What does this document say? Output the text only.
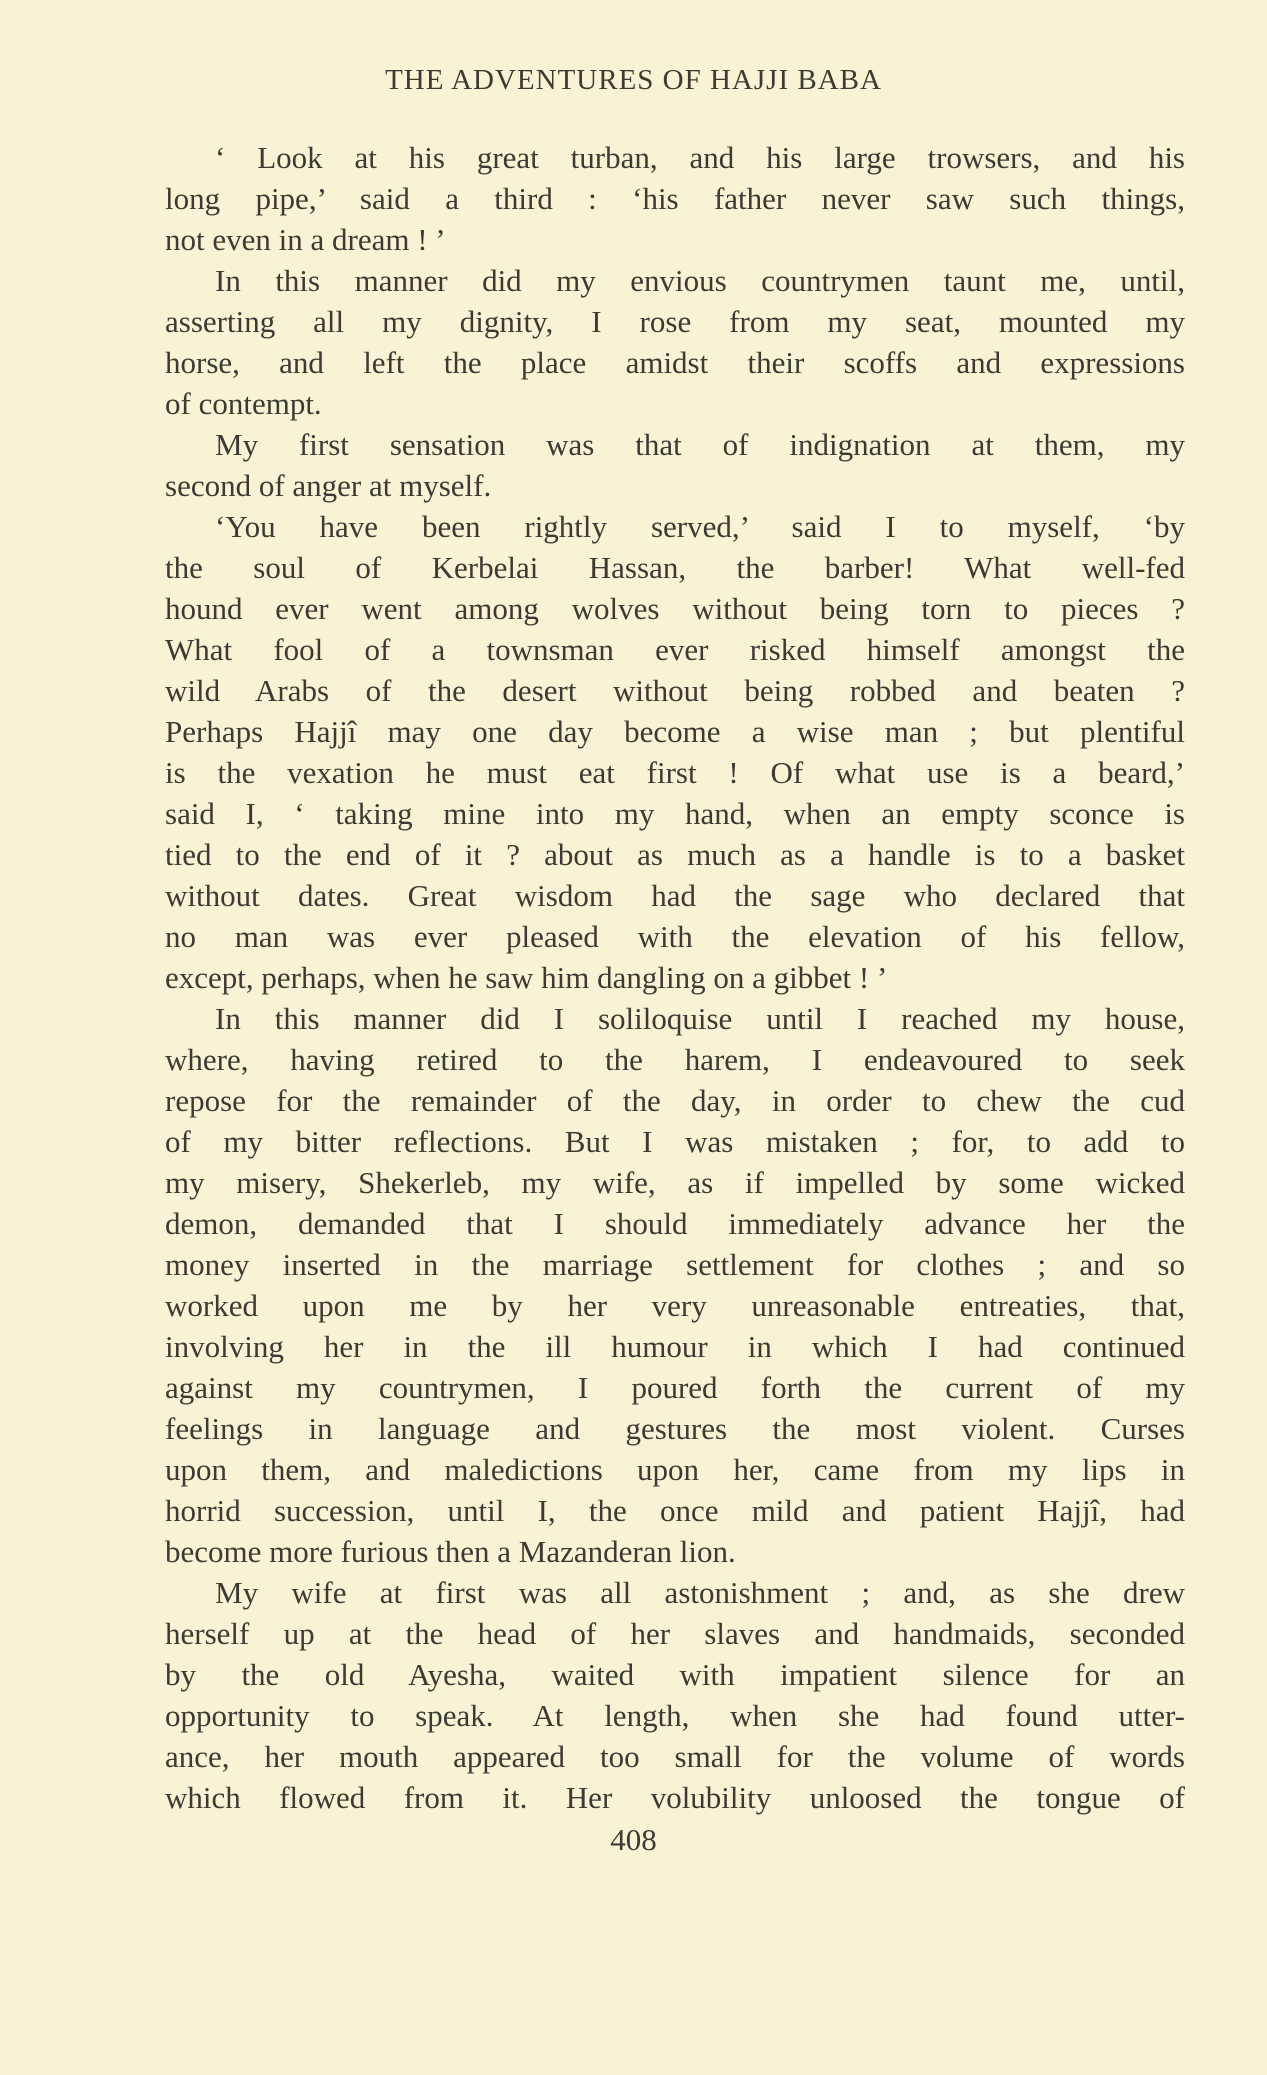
THE ADVENTURES OF HAJJI BABA
‘ Look at his great turban, and his large trowsers, and his
long pipe,’ said a third : ‘his father never saw such things,
not even in a dream ! ’
In this manner did my envious countrymen taunt me, until,
asserting all my dignity, I rose from my seat, mounted my
horse, and left the place amidst their scoffs and expressions
of contempt.
My first sensation was that of indignation at them, my
second of anger at myself.
‘You have been rightly served,’ said I to myself, ‘by
the soul of Kerbelai Hassan, the barber! What well-fed
hound ever went among wolves without being torn to pieces ?
What fool of a townsman ever risked himself amongst the
wild Arabs of the desert without being robbed and beaten ?
Perhaps Hajjî may one day become a wise man ; but plentiful
is the vexation he must eat first ! Of what use is a beard,’
said I, ‘ taking mine into my hand, when an empty sconce is
tied to the end of it ? about as much as a handle is to a basket
without dates. Great wisdom had the sage who declared that
no man was ever pleased with the elevation of his fellow,
except, perhaps, when he saw him dangling on a gibbet ! ’
In this manner did I soliloquise until I reached my house,
where, having retired to the harem, I endeavoured to seek
repose for the remainder of the day, in order to chew the cud
of my bitter reflections. But I was mistaken ; for, to add to
my misery, Shekerleb, my wife, as if impelled by some wicked
demon, demanded that I should immediately advance her the
money inserted in the marriage settlement for clothes ; and so
worked upon me by her very unreasonable entreaties, that,
involving her in the ill humour in which I had continued
against my countrymen, I poured forth the current of my
feelings in language and gestures the most violent. Curses
upon them, and maledictions upon her, came from my lips in
horrid succession, until I, the once mild and patient Hajjî, had
become more furious then a Mazanderan lion.
My wife at first was all astonishment ; and, as she drew
herself up at the head of her slaves and handmaids, seconded
by the old Ayesha, waited with impatient silence for an
opportunity to speak. At length, when she had found utter-
ance, her mouth appeared too small for the volume of words
which flowed from it. Her volubility unloosed the tongue of
408
